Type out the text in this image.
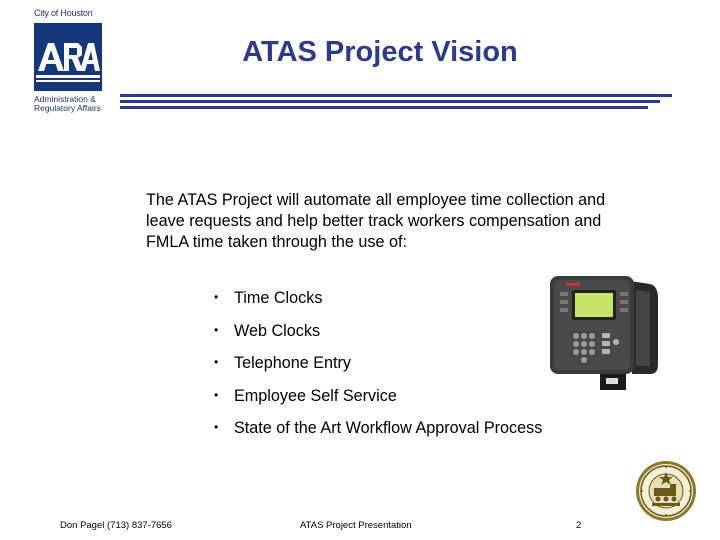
City of Houston
Administration &
Regulatory Affairs
ATAS Project Vision
The ATAS Project will automate all employee time collection and leave requests and help better track workers compensation and FMLA time taken through the use of:
• Time Clocks
• Web Clocks
• Telephone Entry
• Employee Self Service
• State of the Art Workflow Approval Process
Don Pagel (713) 837-7656	ATAS Project Presentation	2
